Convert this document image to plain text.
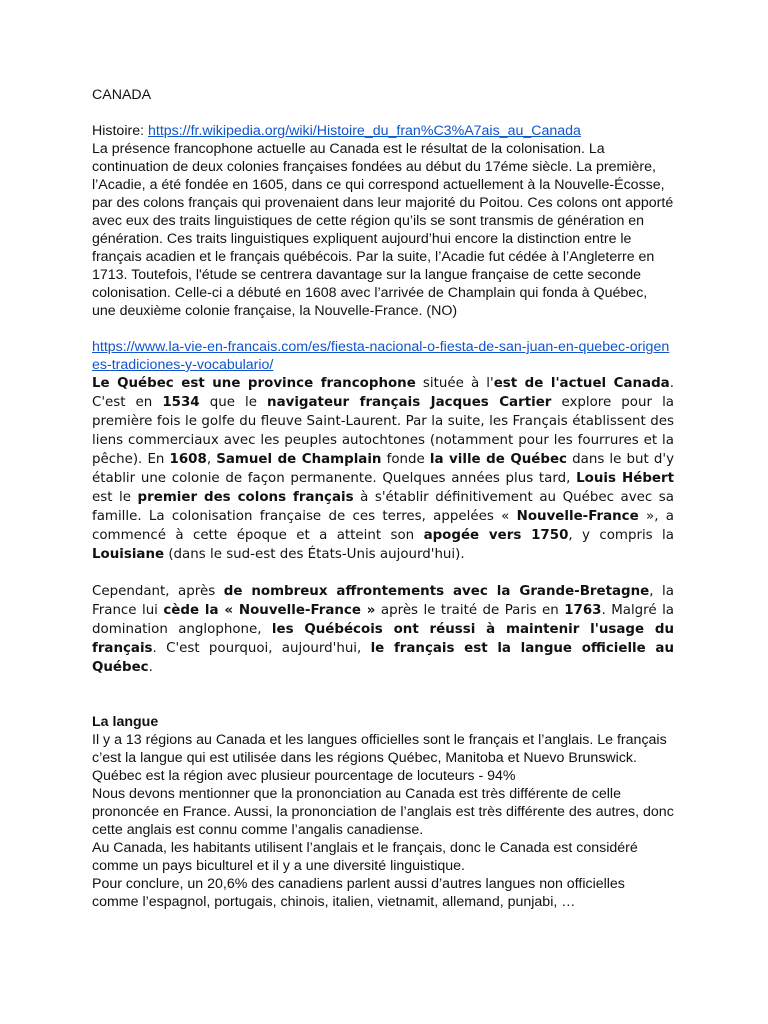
CANADA

Histoire: https://fr.wikipedia.org/wiki/Histoire_du_fran%C3%A7ais_au_Canada

La présence francophone actuelle au Canada est le résultat de la colonisation. La continuation de deux colonies françaises fondées au début du 17éme siècle. La première, l’Acadie, a été fondée en 1605, dans ce qui correspond actuellement à la Nouvelle-Écosse, par des colons français qui provenaient dans leur majorité du Poitou. Ces colons ont apporté avec eux des traits linguistiques de cette région qu’ils se sont transmis de génération en génération. Ces traits linguistiques expliquent aujourd’hui encore la distinction entre le français acadien et le français québécois. Par la suite, l’Acadie fut cédée à l’Angleterre en 1713. Toutefois, l'étude se centrera davantage sur la langue française de cette seconde colonisation. Celle-ci a débuté en 1608 avec l’arrivée de Champlain qui fonda à Québec, une deuxième colonie française, la Nouvelle-France. (NO)

https://www.la-vie-en-francais.com/es/fiesta-nacional-o-fiesta-de-san-juan-en-quebec-origenes-tradiciones-y-vocabulario/

Le Québec est une province francophone située à l'est de l'actuel Canada. C'est en 1534 que le navigateur français Jacques Cartier explore pour la première fois le golfe du fleuve Saint-Laurent. Par la suite, les Français établissent des liens commerciaux avec les peuples autochtones (notamment pour les fourrures et la pêche). En 1608, Samuel de Champlain fonde la ville de Québec dans le but d'y établir une colonie de façon permanente. Quelques années plus tard, Louis Hébert est le premier des colons français à s'établir définitivement au Québec avec sa famille. La colonisation française de ces terres, appelées « Nouvelle-France », a commencé à cette époque et a atteint son apogée vers 1750, y compris la Louisiane (dans le sud-est des États-Unis aujourd'hui).

Cependant, après de nombreux affrontements avec la Grande-Bretagne, la France lui cède la « Nouvelle-France » après le traité de Paris en 1763. Malgré la domination anglophone, les Québécois ont réussi à maintenir l'usage du français. C'est pourquoi, aujourd'hui, le français est la langue officielle au Québec.

La langue

Il y a 13 régions au Canada et les langues officielles sont le français et l’anglais. Le français c’est la langue qui est utilisée dans les régions Québec, Manitoba et Nuevo Brunswick.

Québec est la région avec plusieur pourcentage de locuteurs - 94%

Nous devons mentionner que la prononciation au Canada est très différente de celle prononcée en France. Aussi, la prononciation de l’anglais est très différente des autres, donc cette anglais est connu comme l’angalis canadiense.

Au Canada, les habitants utilisent l’anglais et le français, donc le Canada est considéré comme un pays biculturel et il y a une diversité linguistique.

Pour conclure, un 20,6% des canadiens parlent aussi d’autres langues non officielles comme l’espagnol, portugais, chinois, italien, vietnamit, allemand, punjabi, …
